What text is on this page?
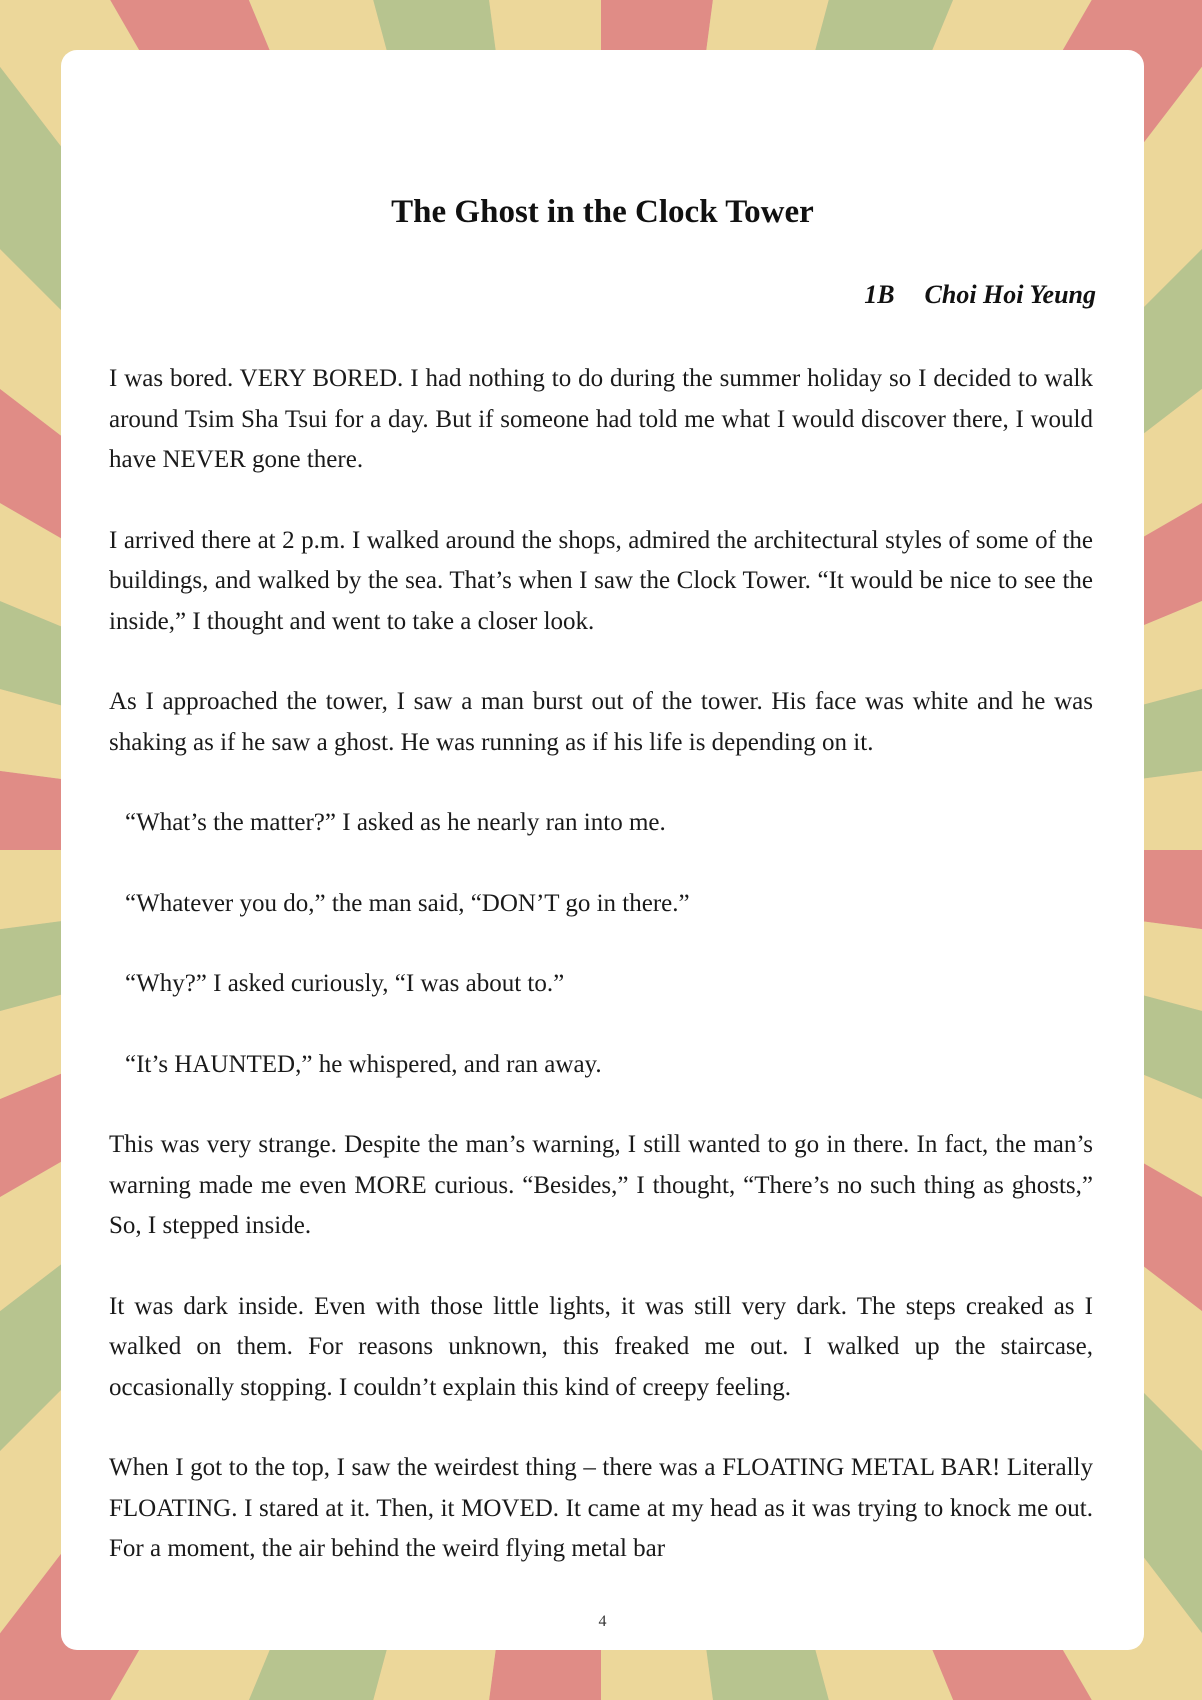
The Ghost in the Clock Tower

1B Choi Hoi Yeung

I was bored. VERY BORED. I had nothing to do during the summer holiday so I decided to walk around Tsim Sha Tsui for a day. But if someone had told me what I would discover there, I would have NEVER gone there.

I arrived there at 2 p.m. I walked around the shops, admired the architectural styles of some of the buildings, and walked by the sea. That’s when I saw the Clock Tower. “It would be nice to see the inside,” I thought and went to take a closer look.

As I approached the tower, I saw a man burst out of the tower. His face was white and he was shaking as if he saw a ghost. He was running as if his life is depending on it.

“What’s the matter?” I asked as he nearly ran into me.

“Whatever you do,” the man said, “DON’T go in there.”

“Why?” I asked curiously, “I was about to.”

“It’s HAUNTED,” he whispered, and ran away.

This was very strange. Despite the man’s warning, I still wanted to go in there. In fact, the man’s warning made me even MORE curious. “Besides,” I thought, “There’s no such thing as ghosts,” So, I stepped inside.

It was dark inside. Even with those little lights, it was still very dark. The steps creaked as I walked on them. For reasons unknown, this freaked me out. I walked up the staircase, occasionally stopping. I couldn’t explain this kind of creepy feeling.

When I got to the top, I saw the weirdest thing – there was a FLOATING METAL BAR! Literally FLOATING. I stared at it. Then, it MOVED. It came at my head as it was trying to knock me out. For a moment, the air behind the weird flying metal bar

4
